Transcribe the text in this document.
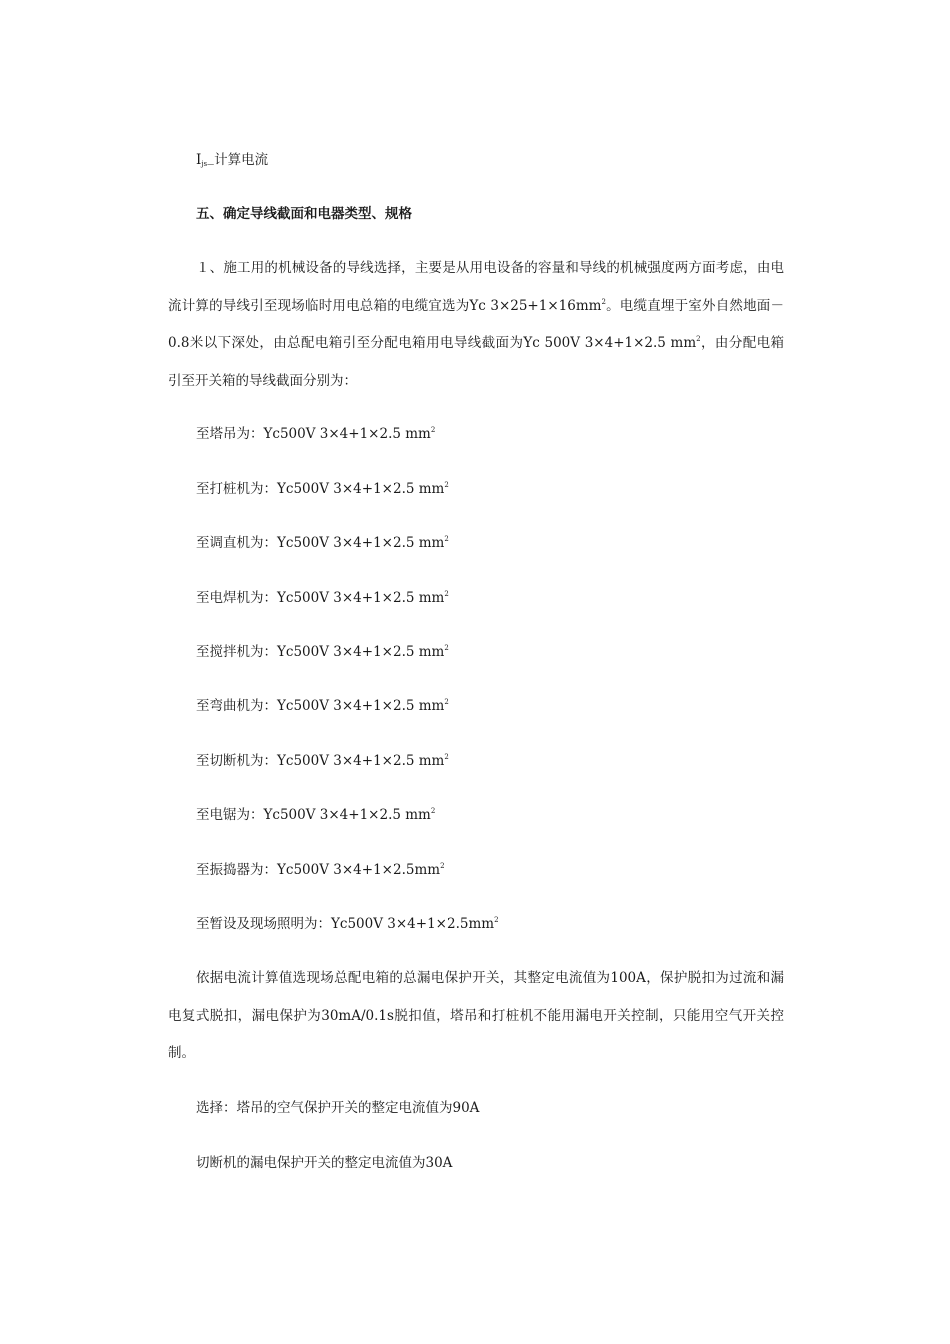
Ijs—计算电流
五、确定导线截面和电器类型、规格
１、施工用的机械设备的导线选择，主要是从用电设备的容量和导线的机械强度两方面考虑，由电流计算的导线引至现场临时用电总箱的电缆宜选为Yc $3\times 25+1\times 16mm^2$。电缆直埋于室外自然地面－0.8米以下深处，由总配电箱引至分配电箱用电导线截面为Yc 500V 3×4+1×2.5 $mm^2$，由分配电箱引至开关箱的导线截面分别为：
至塔吊为：Yc500V 3×4+1×2.5 $mm^2$
至打桩机为：Yc500V 3×4+1×2.5 $mm^2$
至调直机为：Yc500V 3×4+1×2.5 $mm^2$
至电焊机为：Yc500V 3×4+1×2.5 $mm^2$
至搅拌机为：Yc500V 3×4+1×2.5 $mm^2$
至弯曲机为：Yc500V 3×4+1×2.5 $mm^2$
至切断机为：Yc500V 3×4+1×2.5 $mm^2$
至电锯为：Yc500V 3×4+1×2.5 $mm^2$
至振捣器为：Yc500V $3\times 4+1\times 2.5mm^2$
至暂设及现场照明为：Yc500V $3\times 4+1\times 2.5mm^2$
依据电流计算值选现场总配电箱的总漏电保护开关，其整定电流值为100A，保护脱扣为过流和漏电复式脱扣，漏电保护为30mA/0.1s脱扣值，塔吊和打桩机不能用漏电开关控制，只能用空气开关控制。
选择：塔吊的空气保护开关的整定电流值为90A
切断机的漏电保护开关的整定电流值为30A
